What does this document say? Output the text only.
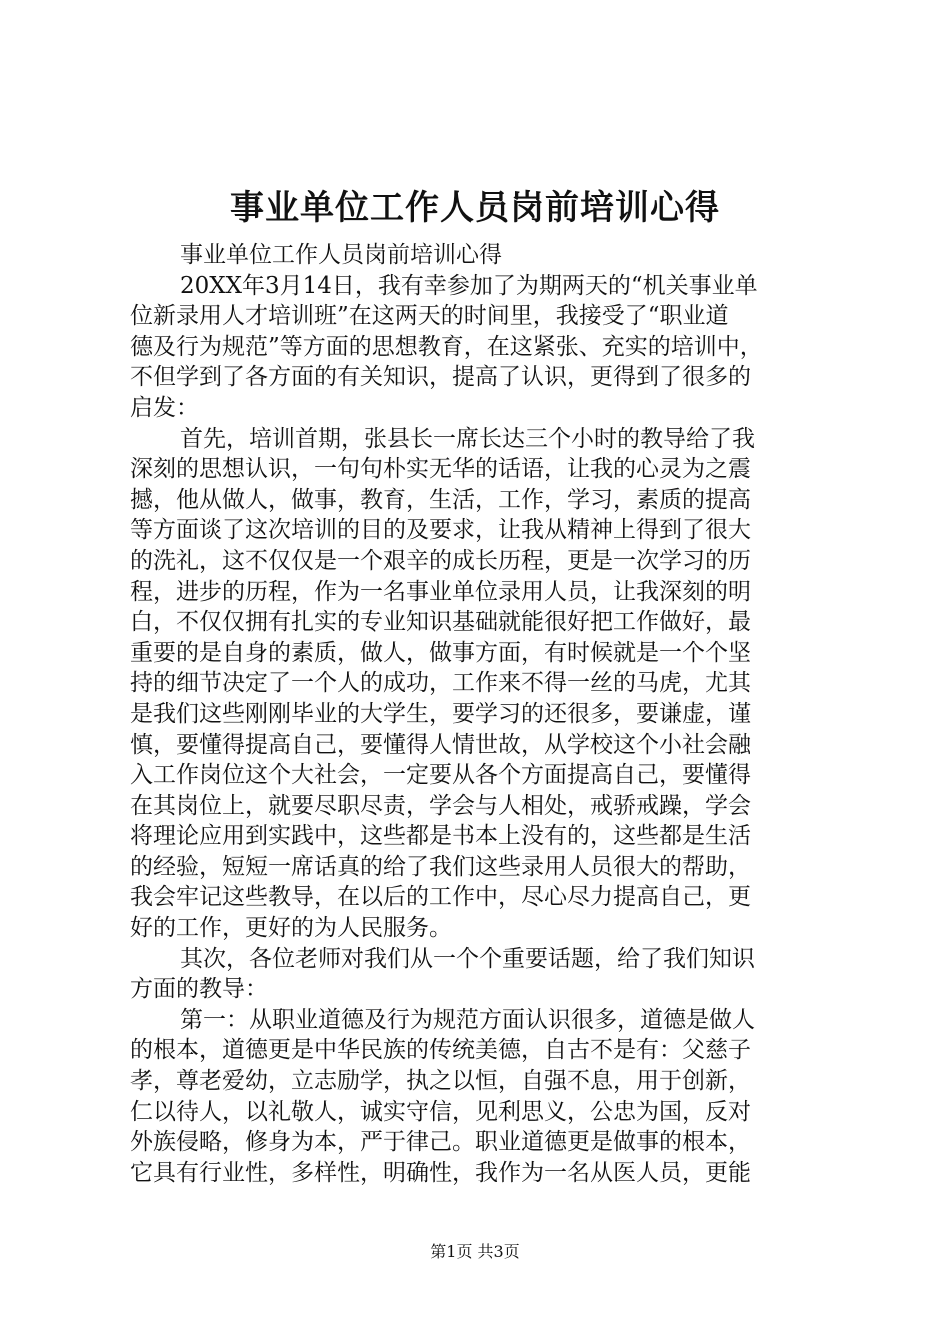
事业单位工作人员岗前培训心得
事业单位工作人员岗前培训心得
20XX年3月14日，我有幸参加了为期两天的“机关事业单
位新录用人才培训班”在这两天的时间里，我接受了“职业道
德及行为规范”等方面的思想教育，在这紧张、充实的培训中，
不但学到了各方面的有关知识，提高了认识，更得到了很多的
启发：
首先，培训首期，张县长一席长达三个小时的教导给了我
深刻的思想认识，一句句朴实无华的话语，让我的心灵为之震
撼，他从做人，做事，教育，生活，工作，学习，素质的提高
等方面谈了这次培训的目的及要求，让我从精神上得到了很大
的洗礼，这不仅仅是一个艰辛的成长历程，更是一次学习的历
程，进步的历程，作为一名事业单位录用人员，让我深刻的明
白，不仅仅拥有扎实的专业知识基础就能很好把工作做好，最
重要的是自身的素质，做人，做事方面，有时候就是一个个坚
持的细节决定了一个人的成功，工作来不得一丝的马虎，尤其
是我们这些刚刚毕业的大学生，要学习的还很多，要谦虚，谨
慎，要懂得提高自己，要懂得人情世故，从学校这个小社会融
入工作岗位这个大社会，一定要从各个方面提高自己，要懂得
在其岗位上，就要尽职尽责，学会与人相处，戒骄戒躁，学会
将理论应用到实践中，这些都是书本上没有的，这些都是生活
的经验，短短一席话真的给了我们这些录用人员很大的帮助，
我会牢记这些教导，在以后的工作中，尽心尽力提高自己，更
好的工作，更好的为人民服务。
其次，各位老师对我们从一个个重要话题，给了我们知识
方面的教导：
第一：从职业道德及行为规范方面认识很多，道德是做人
的根本，道德更是中华民族的传统美德，自古不是有：父慈子
孝，尊老爱幼，立志励学，执之以恒，自强不息，用于创新，
仁以待人，以礼敬人，诚实守信，见利思义，公忠为国，反对
外族侵略，修身为本，严于律己。职业道德更是做事的根本，
它具有行业性，多样性，明确性，我作为一名从医人员，更能
第1页 共3页
